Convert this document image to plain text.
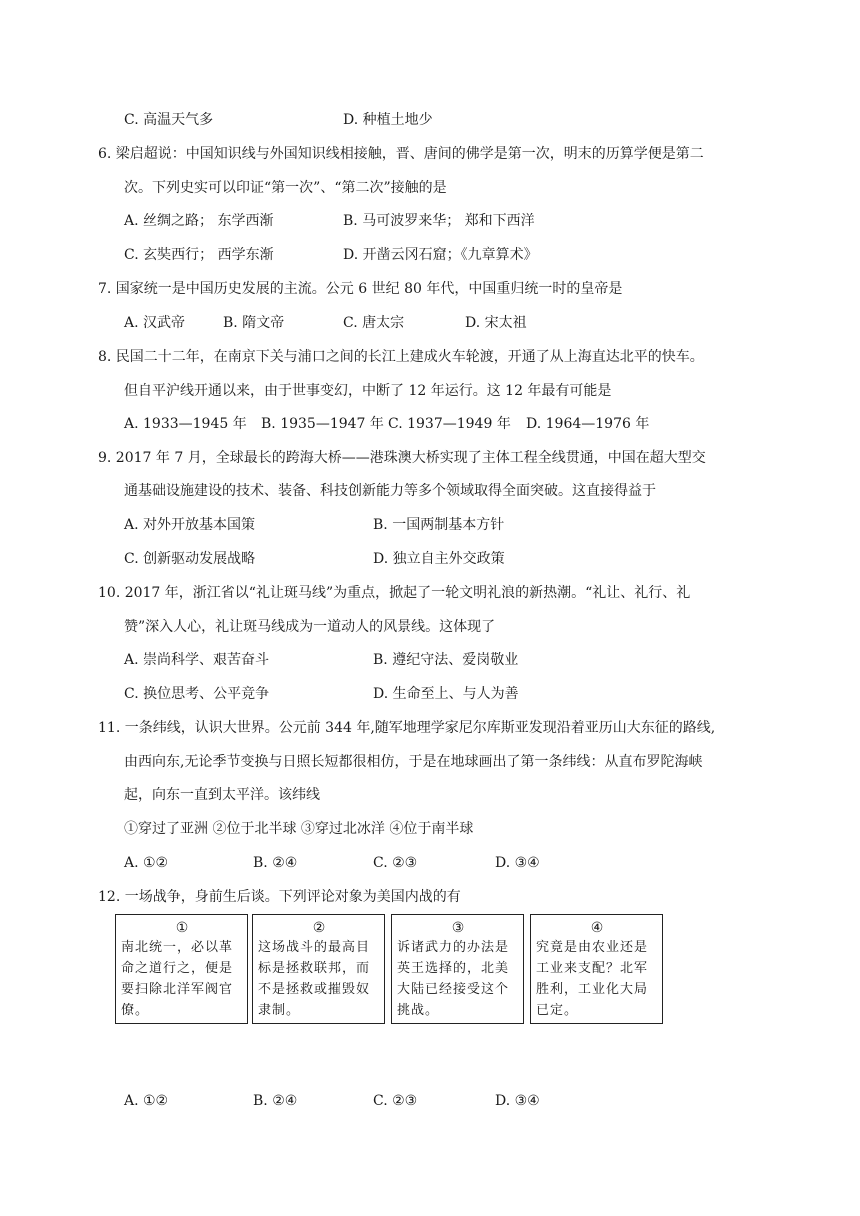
C. 高温天气多	D. 种植土地少
6. 梁启超说：中国知识线与外国知识线相接触，晋、唐间的佛学是第一次，明末的历算学便是第二
次。下列史实可以印证“第一次”、“第二次”接触的是
A. 丝绸之路； 东学西渐	B. 马可波罗来华； 郑和下西洋
C. 玄奘西行； 西学东渐	D. 开凿云冈石窟；《九章算术》
7. 国家统一是中国历史发展的主流。公元 6 世纪 80 年代，中国重归统一时的皇帝是
A. 汉武帝	B. 隋文帝	C. 唐太宗	D. 宋太祖
8. 民国二十二年，在南京下关与浦口之间的长江上建成火车轮渡，开通了从上海直达北平的快车。
但自平沪线开通以来，由于世事变幻，中断了 12 年运行。这 12 年最有可能是
A. 1933—1945 年 B. 1935—1947 年 C. 1937—1949 年 D. 1964—1976 年
9. 2017 年 7 月，全球最长的跨海大桥——港珠澳大桥实现了主体工程全线贯通，中国在超大型交
通基础设施建设的技术、装备、科技创新能力等多个领域取得全面突破。这直接得益于
A. 对外开放基本国策	B. 一国两制基本方针
C. 创新驱动发展战略	D. 独立自主外交政策
10. 2017 年，浙江省以“礼让斑马线”为重点，掀起了一轮文明礼浪的新热潮。“礼让、礼行、礼
赞”深入人心，礼让斑马线成为一道动人的风景线。这体现了
A. 崇尚科学、艰苦奋斗	B. 遵纪守法、爱岗敬业
C. 换位思考、公平竞争	D. 生命至上、与人为善
11. 一条纬线，认识大世界。公元前 344 年,随军地理学家尼尔库斯亚发现沿着亚历山大东征的路线,
由西向东,无论季节变换与日照长短都很相仿，于是在地球画出了第一条纬线：从直布罗陀海峡
起，向东一直到太平洋。该纬线
①穿过了亚洲 ②位于北半球 ③穿过北冰洋 ④位于南半球
A. ①②	B. ②④	C. ②③	D. ③④
12. 一场战争，身前生后谈。下列评论对象为美国内战的有
①
南北统一，必以革命之道行之，便是要扫除北洋军阀官僚。
②
这场战斗的最高目标是拯救联邦，而不是拯救或摧毁奴隶制。
③
诉诸武力的办法是英王选择的，北美大陆已经接受这个挑战。
④
究竟是由农业还是工业来支配？北军胜利，工业化大局已定。
A. ①②	B. ②④	C. ②③	D. ③④
